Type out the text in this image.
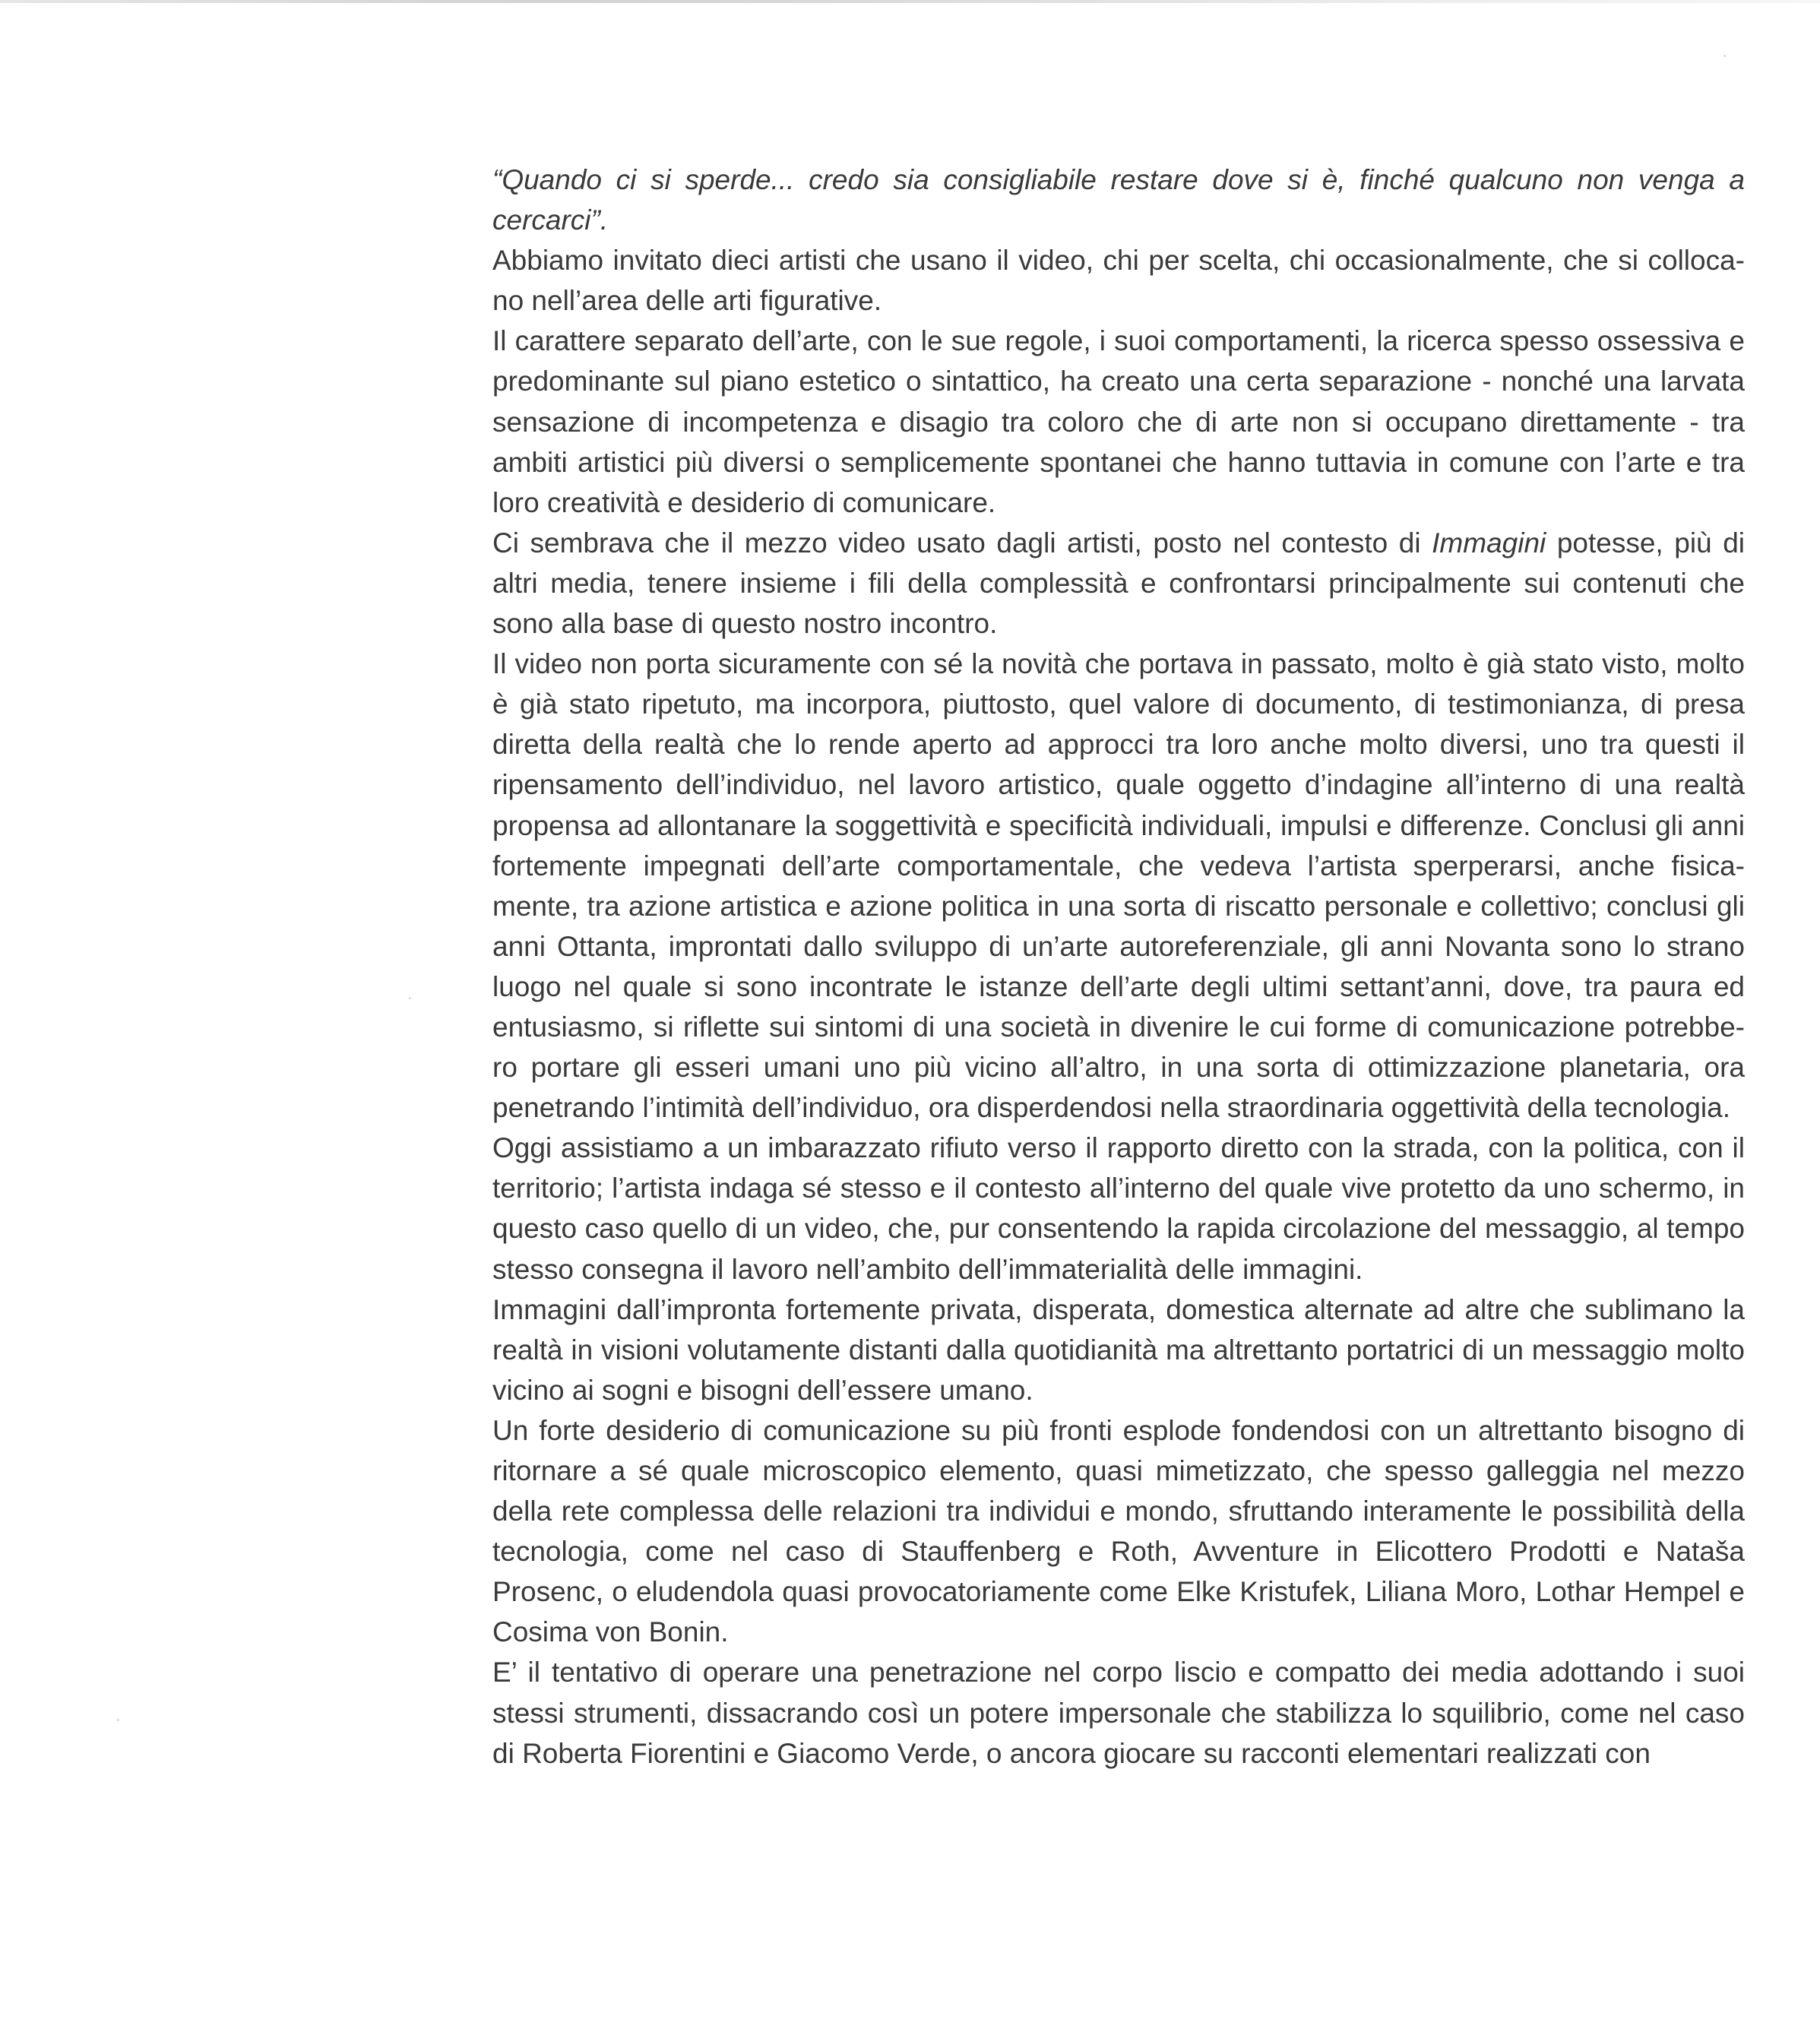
“Quando ci si sperde... credo sia consigliabile restare dove si è, finché qualcuno non venga a cercarci”.

Abbiamo invitato dieci artisti che usano il video, chi per scelta, chi occasionalmente, che si colloca-no nell’area delle arti figurative.

Il carattere separato dell’arte, con le sue regole, i suoi comportamenti, la ricerca spesso ossessiva e predominante sul piano estetico o sintattico, ha creato una certa separazione - nonché una larvata sensazione di incompetenza e disagio tra coloro che di arte non si occupano direttamente - tra ambiti artistici più diversi o semplicemente spontanei che hanno tuttavia in comune con l’arte e tra loro creatività e desiderio di comunicare.

Ci sembrava che il mezzo video usato dagli artisti, posto nel contesto di Immagini potesse, più di altri media, tenere insieme i fili della complessità e confrontarsi principalmente sui contenuti che sono alla base di questo nostro incontro.

Il video non porta sicuramente con sé la novità che portava in passato, molto è già stato visto, molto è già stato ripetuto, ma incorpora, piuttosto, quel valore di documento, di testimonianza, di presa diretta della realtà che lo rende aperto ad approcci tra loro anche molto diversi, uno tra questi il ripensamento dell’individuo, nel lavoro artistico, quale oggetto d’indagine all’interno di una realtà propensa ad allontanare la soggettività e specificità individuali, impulsi e differenze. Conclusi gli anni fortemente impegnati dell’arte comportamentale, che vedeva l’artista sperperarsi, anche fisica-mente, tra azione artistica e azione politica in una sorta di riscatto personale e collettivo; conclusi gli anni Ottanta, improntati dallo sviluppo di un’arte autoreferenziale, gli anni Novanta sono lo strano luogo nel quale si sono incontrate le istanze dell’arte degli ultimi settant’anni, dove, tra paura ed entusiasmo, si riflette sui sintomi di una società in divenire le cui forme di comunicazione potrebbe-ro portare gli esseri umani uno più vicino all’altro, in una sorta di ottimizzazione planetaria, ora penetrando l’intimità dell’individuo, ora disperdendosi nella straordinaria oggettività della tecnologia.

Oggi assistiamo a un imbarazzato rifiuto verso il rapporto diretto con la strada, con la politica, con il territorio; l’artista indaga sé stesso e il contesto all’interno del quale vive protetto da uno schermo, in questo caso quello di un video, che, pur consentendo la rapida circolazione del messaggio, al tempo stesso consegna il lavoro nell’ambito dell’immaterialità delle immagini.

Immagini dall’impronta fortemente privata, disperata, domestica alternate ad altre che sublimano la realtà in visioni volutamente distanti dalla quotidianità ma altrettanto portatrici di un messaggio molto vicino ai sogni e bisogni dell’essere umano.

Un forte desiderio di comunicazione su più fronti esplode fondendosi con un altrettanto bisogno di ritornare a sé quale microscopico elemento, quasi mimetizzato, che spesso galleggia nel mezzo della rete complessa delle relazioni tra individui e mondo, sfruttando interamente le possibilità della tecnologia, come nel caso di Stauffenberg e Roth, Avventure in Elicottero Prodotti e Nataša Prosenc, o eludendola quasi provocatoriamente come Elke Kristufek, Liliana Moro, Lothar Hempel e Cosima von Bonin.

E’ il tentativo di operare una penetrazione nel corpo liscio e compatto dei media adottando i suoi stessi strumenti, dissacrando così un potere impersonale che stabilizza lo squilibrio, come nel caso di Roberta Fiorentini e Giacomo Verde, o ancora giocare su racconti elementari realizzati con
